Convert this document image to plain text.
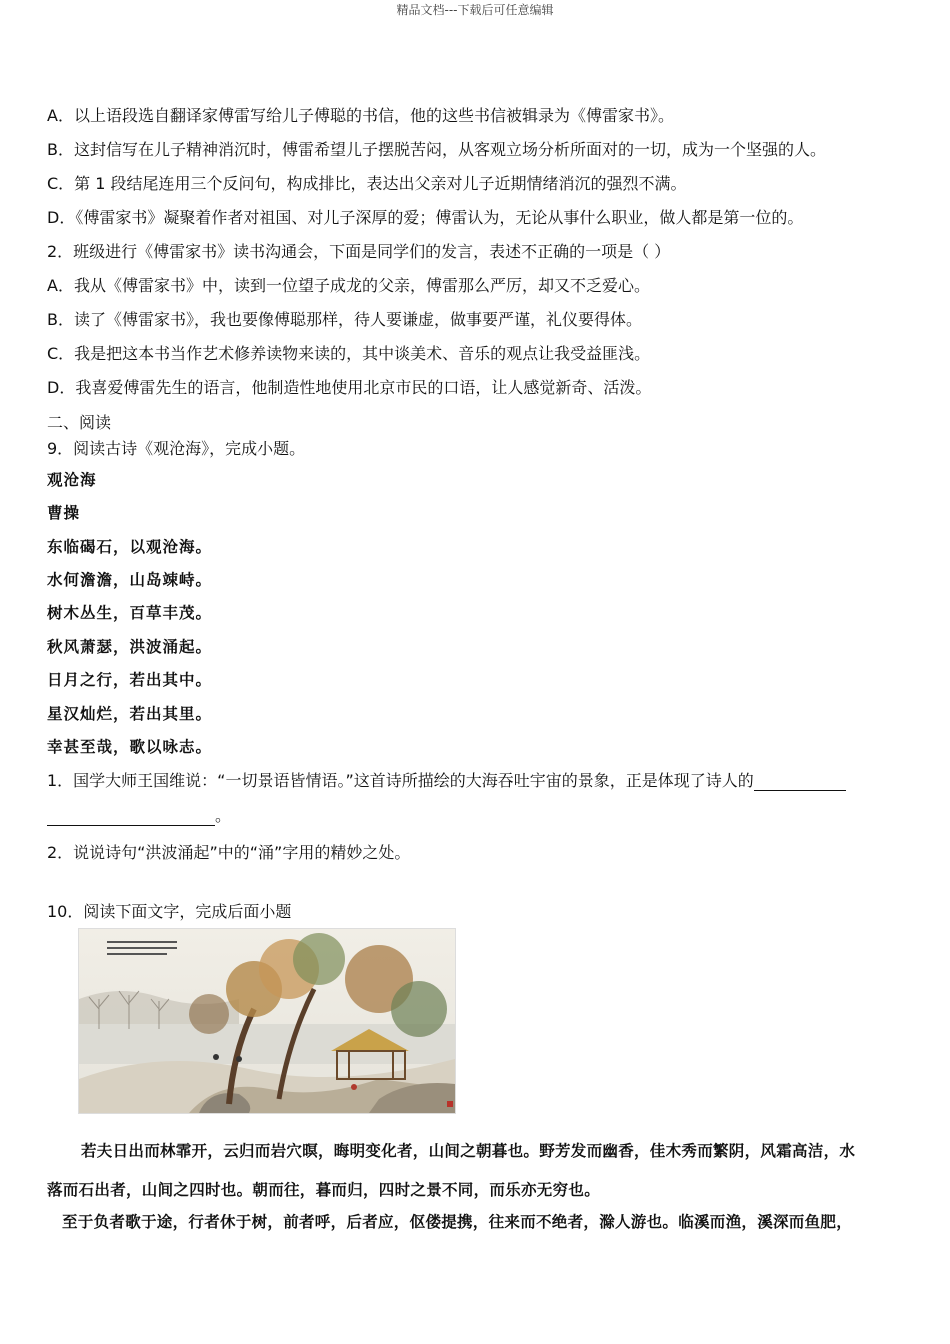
精品文档---下载后可任意编辑
A．以上语段选自翻译家傅雷写给儿子傅聪的书信，他的这些书信被辑录为《傅雷家书》。
B．这封信写在儿子精神消沉时，傅雷希望儿子摆脱苦闷，从客观立场分析所面对的一切，成为一个坚强的人。
C．第 1 段结尾连用三个反问句，构成排比，表达出父亲对儿子近期情绪消沉的强烈不满。
D．《傅雷家书》凝聚着作者对祖国、对儿子深厚的爱；傅雷认为，无论从事什么职业，做人都是第一位的。
2．班级进行《傅雷家书》读书沟通会，下面是同学们的发言，表述不正确的一项是（ ）
A．我从《傅雷家书》中，读到一位望子成龙的父亲，傅雷那么严厉，却又不乏爱心。
B．读了《傅雷家书》，我也要像傅聪那样，待人要谦虚，做事要严谨，礼仪要得体。
C．我是把这本书当作艺术修养读物来读的，其中谈美术、音乐的观点让我受益匪浅。
D．我喜爱傅雷先生的语言，他制造性地使用北京市民的口语，让人感觉新奇、活泼。
二、阅读
9．阅读古诗《观沧海》，完成小题。
观沧海
曹操
东临碣石，以观沧海。
水何澹澹，山岛竦峙。
树木丛生，百草丰茂。
秋风萧瑟，洪波涌起。
日月之行，若出其中。
星汉灿烂，若出其里。
幸甚至哉，歌以咏志。
1．国学大师王国维说：“一切景语皆情语。”这首诗所描绘的大海吞吐宇宙的景象，正是体现了诗人的
。
2．说说诗句“洪波涌起”中的“涌”字用的精妙之处。
10．阅读下面文字，完成后面小题
若夫日出而林霏开，云归而岩穴暝，晦明变化者，山间之朝暮也。野芳发而幽香，佳木秀而繁阴，风霜高洁，水
落而石出者，山间之四时也。朝而往，暮而归，四时之景不同，而乐亦无穷也。
至于负者歌于途，行者休于树，前者呼，后者应，伛偻提携，往来而不绝者，滁人游也。临溪而渔，溪深而鱼肥，
